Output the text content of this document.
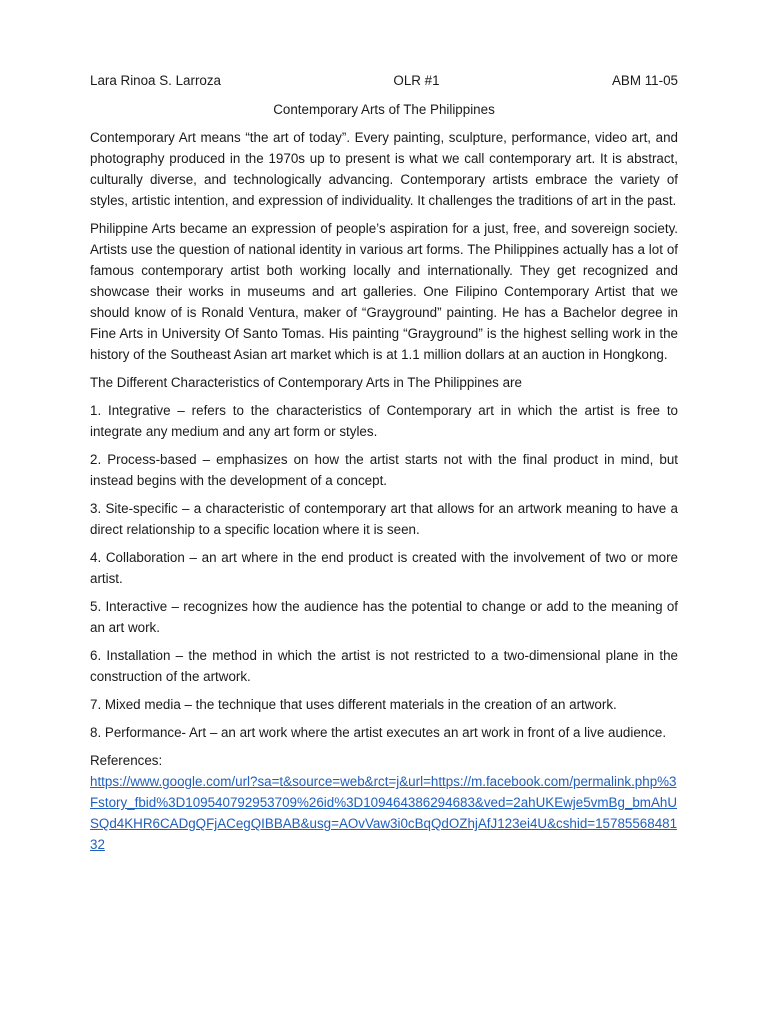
Lara Rinoa S. Larroza	OLR #1	ABM 11-05
Contemporary Arts of The Philippines

Contemporary Art means “the art of today”. Every painting, sculpture, performance, video art, and photography produced in the 1970s up to present is what we call contemporary art. It is abstract, culturally diverse, and technologically advancing. Contemporary artists embrace the variety of styles, artistic intention, and expression of individuality. It challenges the traditions of art in the past.

Philippine Arts became an expression of people’s aspiration for a just, free, and sovereign society. Artists use the question of national identity in various art forms. The Philippines actually has a lot of famous contemporary artist both working locally and internationally. They get recognized and showcase their works in museums and art galleries. One Filipino Contemporary Artist that we should know of is Ronald Ventura, maker of “Grayground” painting. He has a Bachelor degree in Fine Arts in University Of Santo Tomas. His painting “Grayground” is the highest selling work in the history of the Southeast Asian art market which is at 1.1 million dollars at an auction in Hongkong.

The Different Characteristics of Contemporary Arts in The Philippines are

1. Integrative – refers to the characteristics of Contemporary art in which the artist is free to integrate any medium and any art form or styles.

2. Process-based – emphasizes on how the artist starts not with the final product in mind, but instead begins with the development of a concept.

3. Site-specific – a characteristic of contemporary art that allows for an artwork meaning to have a direct relationship to a specific location where it is seen.

4. Collaboration – an art where in the end product is created with the involvement of two or more artist.

5. Interactive – recognizes how the audience has the potential to change or add to the meaning of an art work.

6. Installation – the method in which the artist is not restricted to a two-dimensional plane in the construction of the artwork.

7. Mixed media – the technique that uses different materials in the creation of an artwork.

8. Performance- Art – an art work where the artist executes an art work in front of a live audience.

References:
https://www.google.com/url?sa=t&source=web&rct=j&url=https://m.facebook.com/permalink.php%3Fstory_fbid%3D109540792953709%26id%3D109464386294683&ved=2ahUKEwje5vmBg_bmAhUSQd4KHR6CADgQFjACegQIBBAB&usg=AOvVaw3i0cBqQdOZhjAfJ123ei4U&cshid=1578556848132
